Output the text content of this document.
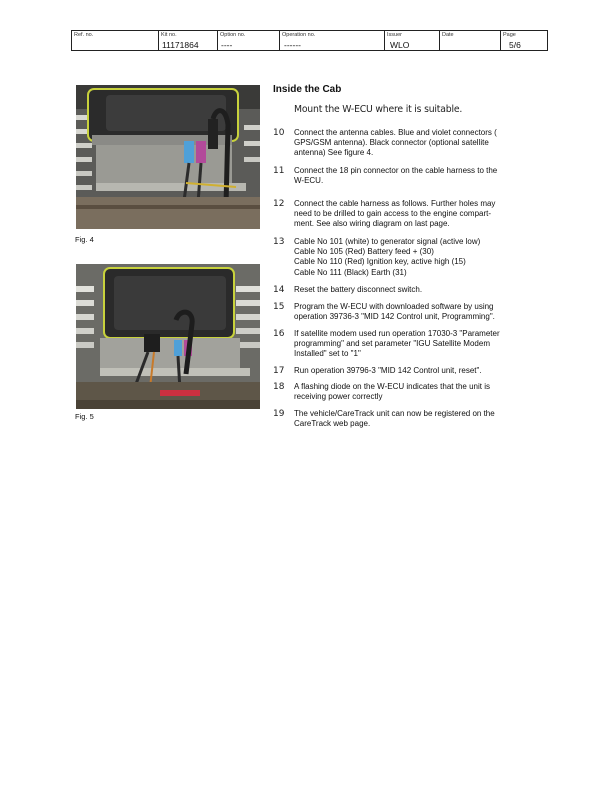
Ref. no.	Kit no.
11171864
Option no.
----
Operation no.
------
Issuer
WLO
Date	Page
5/6
Fig. 4
Fig. 5
Inside the Cab
Mount the W-ECU where it is suitable.
10 Connect the antenna cables. Blue and violet connectors (
GPS/GSM antenna). Black connector (optional satellite
antenna) See figure 4.
11 Connect the 18 pin connector on the cable harness to the
W-ECU.
12 Connect the cable harness as follows. Further holes may
need to be drilled to gain access to the engine compart-
ment. See also wiring diagram on last page.
13 Cable No 101 (white) to generator signal (active low)
Cable No 105 (Red) Battery feed + (30)
Cable No 110 (Red) Ignition key, active high (15)
Cable No 111 (Black) Earth (31)
14 Reset the battery disconnect switch.
15 Program the W-ECU with downloaded software by using
operation 39736-3 "MID 142 Control unit, Programming".
16 If satellite modem used run operation 17030-3 "Parameter
programming" and set parameter "IGU Satellite Modem
Installed" set to "1"
17 Run operation 39796-3 "MID 142 Control unit, reset".
18 A flashing diode on the W-ECU indicates that the unit is
receiving power correctly
19 The vehicle/CareTrack unit can now be registered on the
CareTrack web page.
